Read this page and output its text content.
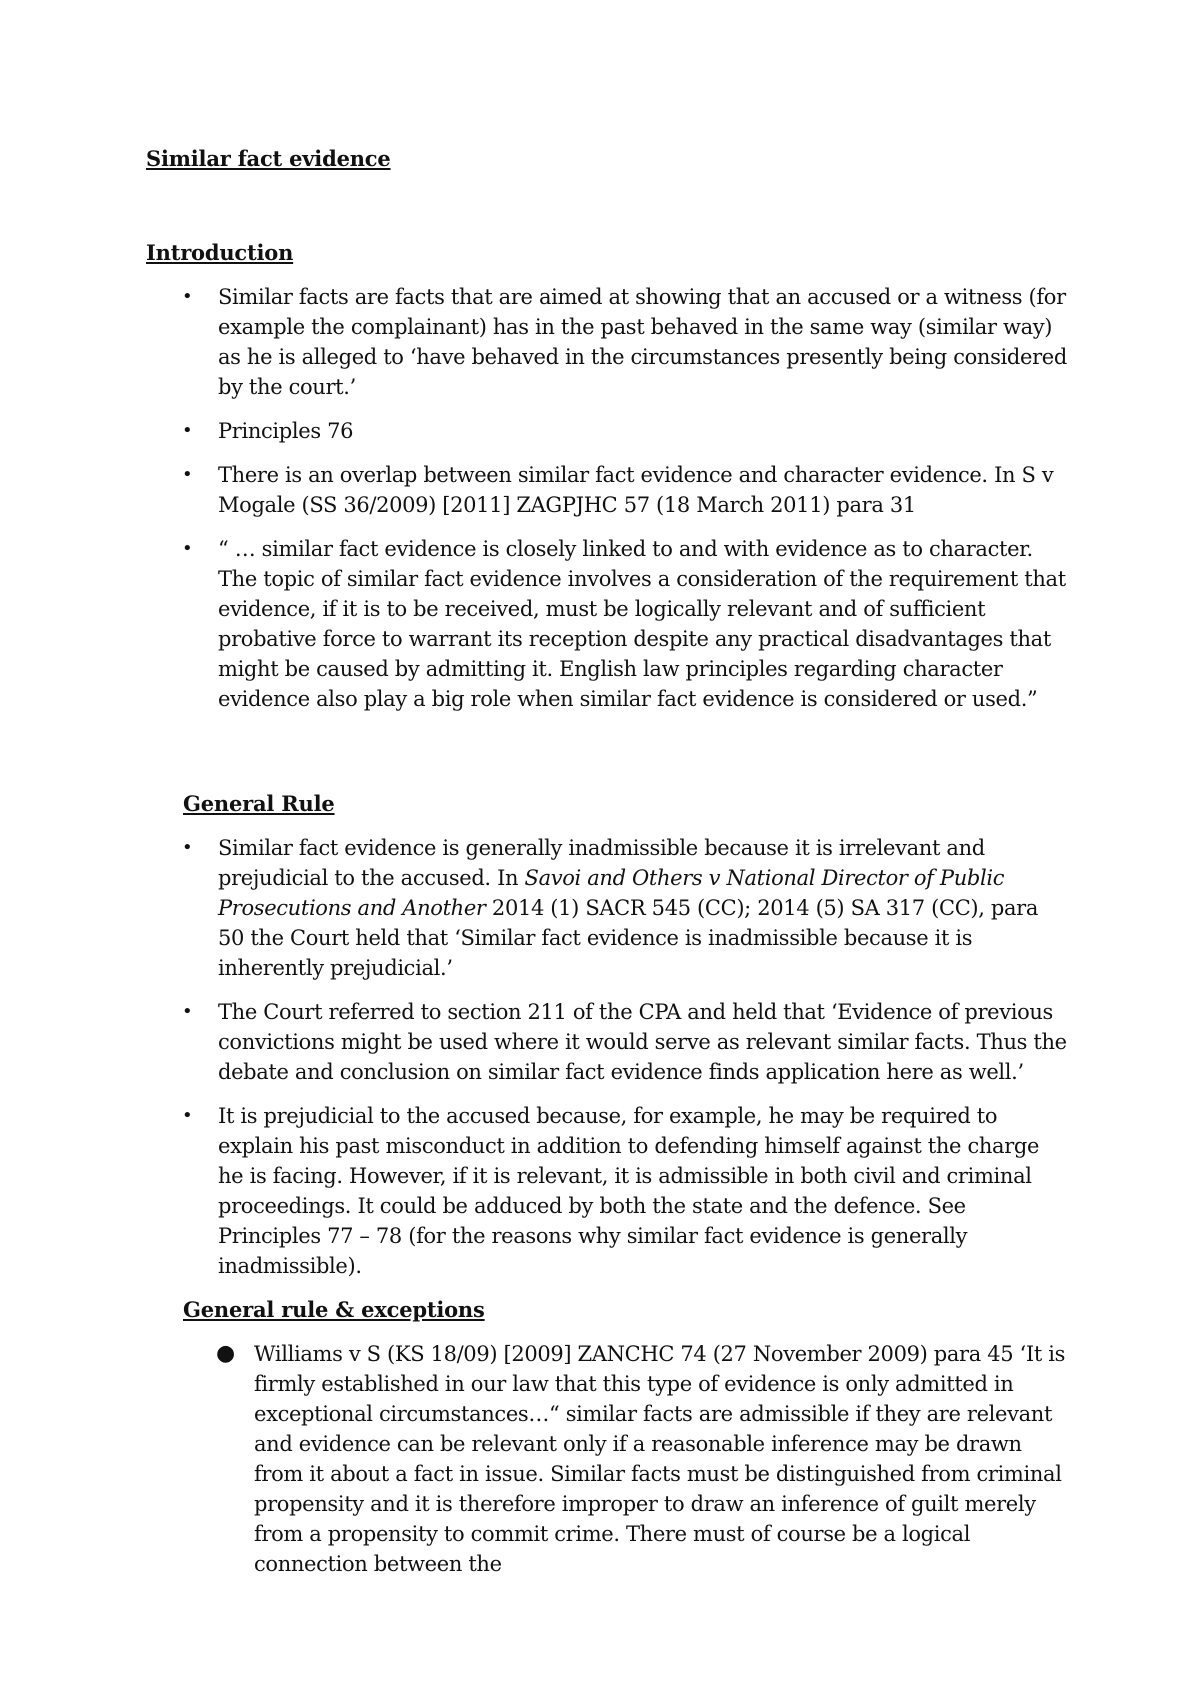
Similar fact evidence
Introduction
• Similar facts are facts that are aimed at showing that an accused or a witness (for example the complainant) has in the past behaved in the same way (similar way) as he is alleged to ‘have behaved in the circumstances presently being considered by the court.’
• Principles 76
• There is an overlap between similar fact evidence and character evidence. In S v Mogale (SS 36/2009) [2011] ZAGPJHC 57 (18 March 2011) para 31
• “ … similar fact evidence is closely linked to and with evidence as to character. The topic of similar fact evidence involves a consideration of the requirement that evidence, if it is to be received, must be logically relevant and of sufficient probative force to warrant its reception despite any practical disadvantages that might be caused by admitting it. English law principles regarding character evidence also play a big role when similar fact evidence is considered or used.”
General Rule
• Similar fact evidence is generally inadmissible because it is irrelevant and prejudicial to the accused. In Savoi and Others v National Director of Public Prosecutions and Another 2014 (1) SACR 545 (CC); 2014 (5) SA 317 (CC), para 50 the Court held that ‘Similar fact evidence is inadmissible because it is inherently prejudicial.’
• The Court referred to section 211 of the CPA and held that ‘Evidence of previous convictions might be used where it would serve as relevant similar facts. Thus the debate and conclusion on similar fact evidence finds application here as well.’
• It is prejudicial to the accused because, for example, he may be required to explain his past misconduct in addition to defending himself against the charge he is facing. However, if it is relevant, it is admissible in both civil and criminal proceedings. It could be adduced by both the state and the defence. See Principles 77 – 78 (for the reasons why similar fact evidence is generally inadmissible).
General rule & exceptions
● Williams v S (KS 18/09) [2009] ZANCHC 74 (27 November 2009) para 45 ‘It is firmly established in our law that this type of evidence is only admitted in exceptional circumstances…“ similar facts are admissible if they are relevant and evidence can be relevant only if a reasonable inference may be drawn from it about a fact in issue. Similar facts must be distinguished from criminal propensity and it is therefore improper to draw an inference of guilt merely from a propensity to commit crime. There must of course be a logical connection between the
